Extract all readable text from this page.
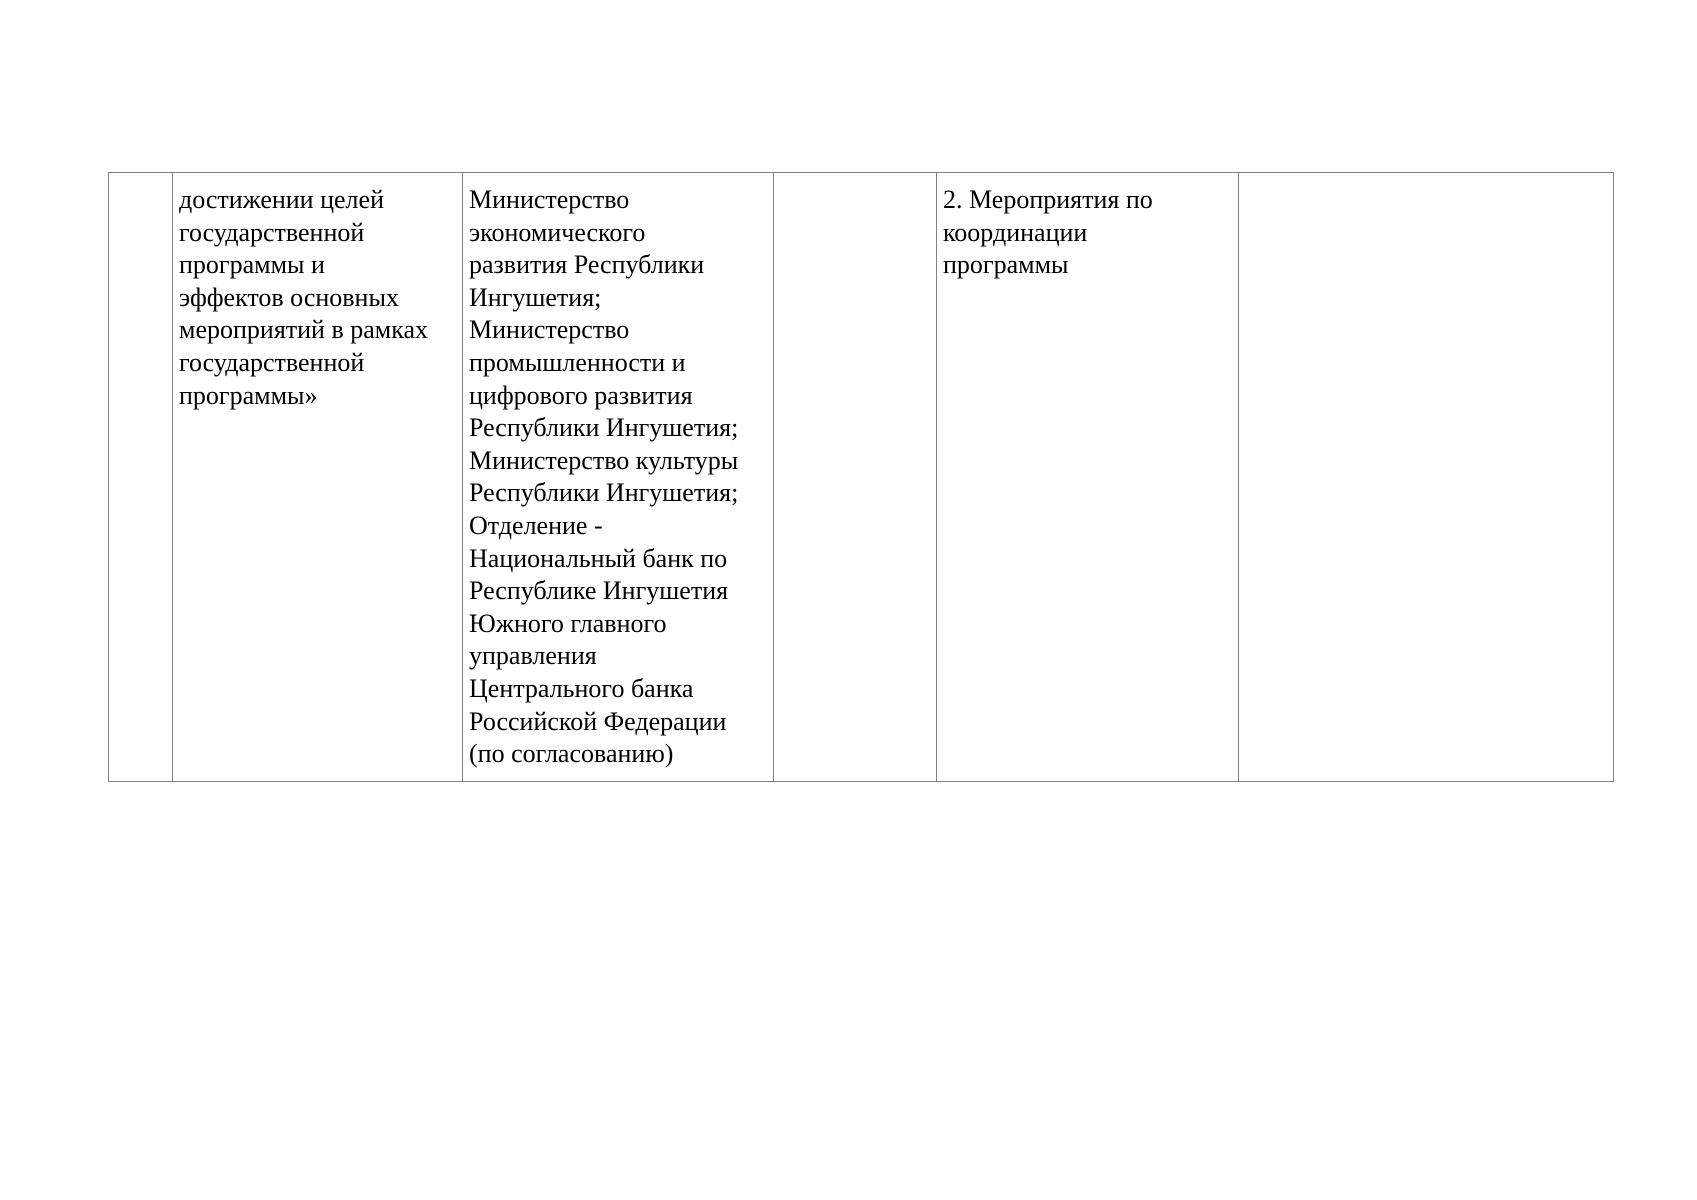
	достижении целей
государственной
программы и
эффектов основных
мероприятий в рамках
государственной
программы»	Министерство
экономического
развития Республики
Ингушетия;
Министерство
промышленности и
цифрового развития
Республики Ингушетия;
Министерство культуры
Республики Ингушетия;
Отделение -
Национальный банк по
Республике Ингушетия
Южного главного
управления
Центрального банка
Российской Федерации
(по согласованию)		2. Мероприятия по
координации
программы	
